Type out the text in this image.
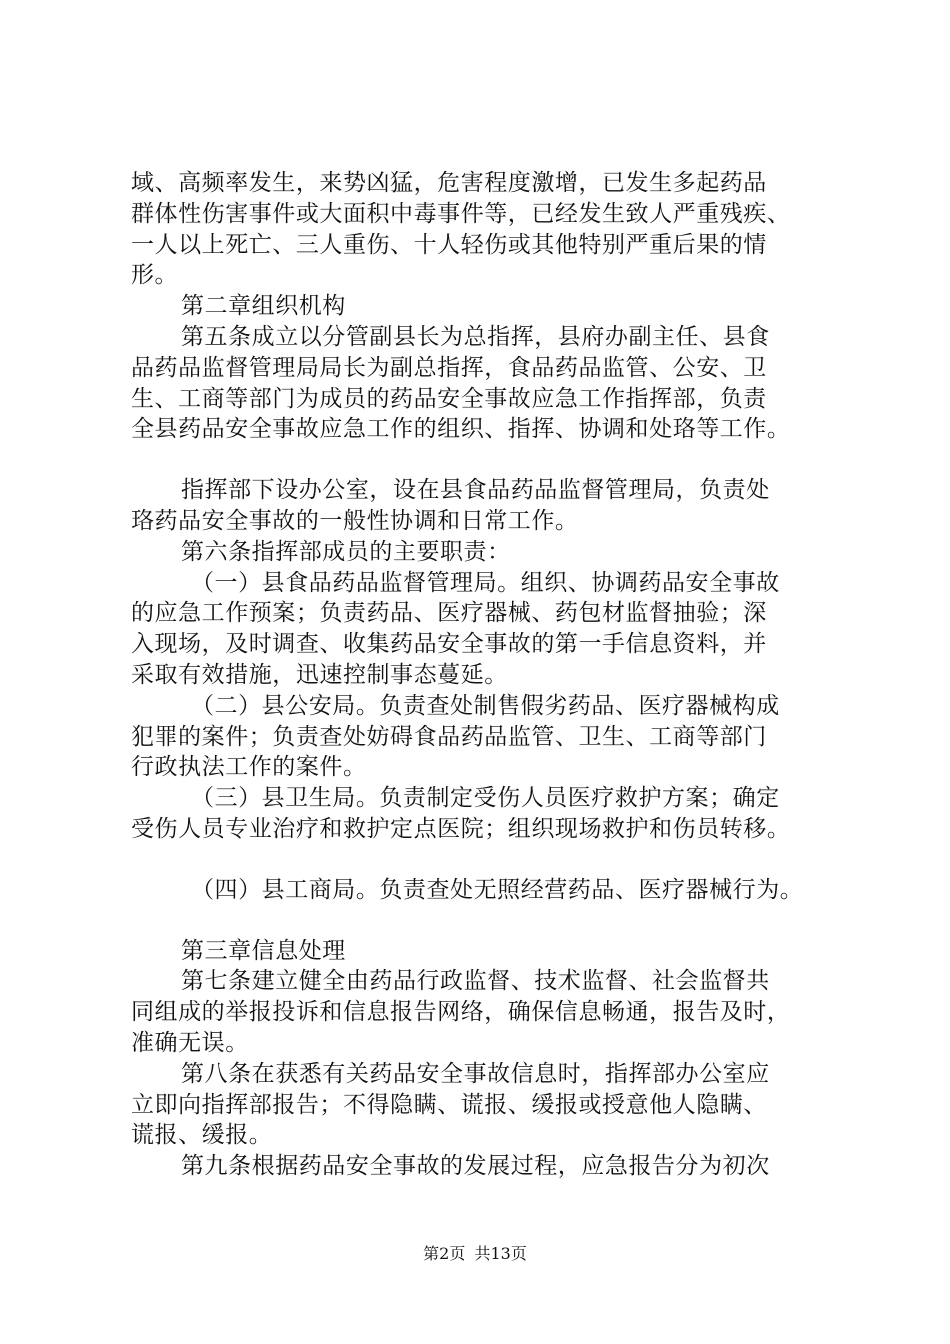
域、高频率发生，来势凶猛，危害程度激增，已发生多起药品
群体性伤害事件或大面积中毒事件等，已经发生致人严重残疾、
一人以上死亡、三人重伤、十人轻伤或其他特别严重后果的情
形。
第二章组织机构
第五条成立以分管副县长为总指挥，县府办副主任、县食
品药品监督管理局局长为副总指挥，食品药品监管、公安、卫
生、工商等部门为成员的药品安全事故应急工作指挥部，负责
全县药品安全事故应急工作的组织、指挥、协调和处珞等工作。
指挥部下设办公室，设在县食品药品监督管理局，负责处
珞药品安全事故的一般性协调和日常工作。
第六条指挥部成员的主要职责：
（一）县食品药品监督管理局。组织、协调药品安全事故
的应急工作预案；负责药品、医疗器械、药包材监督抽验；深
入现场，及时调查、收集药品安全事故的第一手信息资料，并
采取有效措施，迅速控制事态蔓延。
（二）县公安局。负责查处制售假劣药品、医疗器械构成
犯罪的案件；负责查处妨碍食品药品监管、卫生、工商等部门
行政执法工作的案件。
（三）县卫生局。负责制定受伤人员医疗救护方案；确定
受伤人员专业治疗和救护定点医院；组织现场救护和伤员转移。
（四）县工商局。负责查处无照经营药品、医疗器械行为。
第三章信息处理
第七条建立健全由药品行政监督、技术监督、社会监督共
同组成的举报投诉和信息报告网络，确保信息畅通，报告及时，
准确无误。
第八条在获悉有关药品安全事故信息时，指挥部办公室应
立即向指挥部报告；不得隐瞒、谎报、缓报或授意他人隐瞒、
谎报、缓报。
第九条根据药品安全事故的发展过程，应急报告分为初次
第2页 共13页
